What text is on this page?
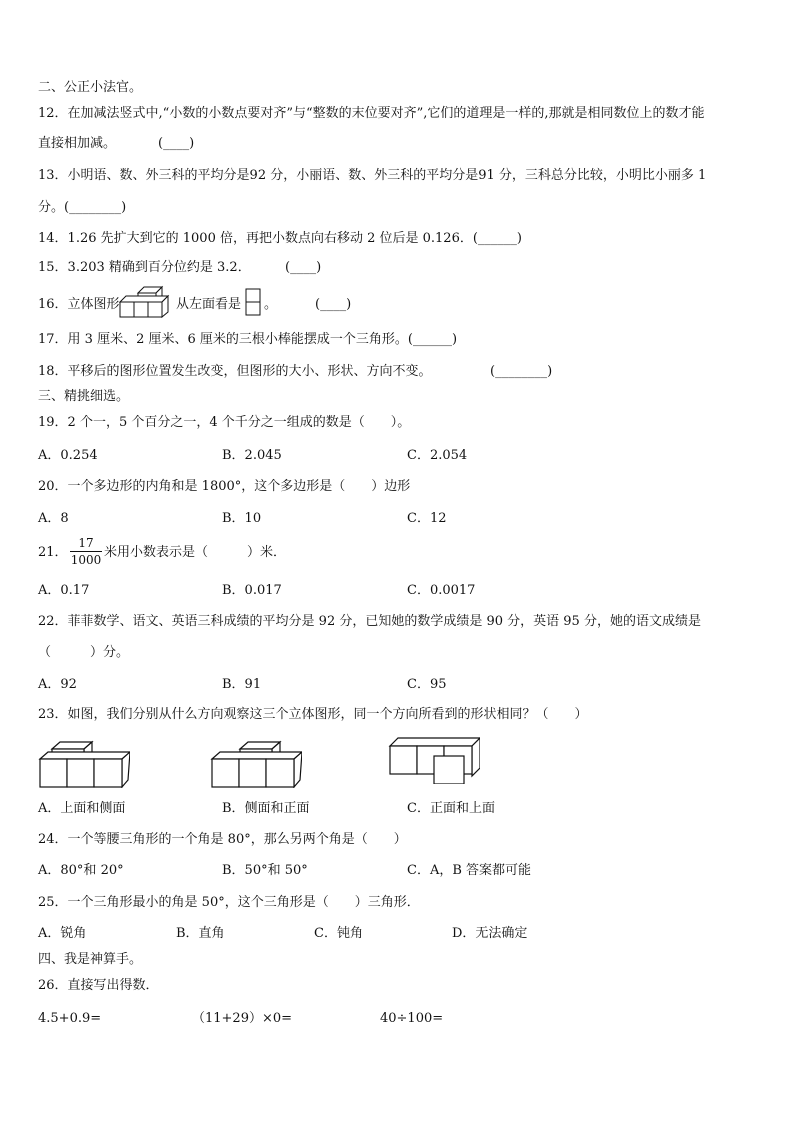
二、公正小法官。
12．在加减法竖式中,“小数的小数点要对齐”与“整数的末位要对齐”,它们的道理是一样的,那就是相同数位上的数才能
直接相加减。	(____)
13．小明语、数、外三科的平均分是92 分，小丽语、数、外三科的平均分是91 分，三科总分比较，小明比小丽多 1
分。(________)
14．1.26 先扩大到它的 1000 倍，再把小数点向右移动 2 位后是 0.126．(______)
15．3.203 精确到百分位约是 3.2．	(____)
16．立体图形	从左面看是 。	(____)
17．用 3 厘米、2 厘米、6 厘米的三根小棒能摆成一个三角形。(______)
18．平移后的图形位置发生改变，但图形的大小、形状、方向不变。	(________)
三、精挑细选。
19．2 个一，5 个百分之一，4 个千分之一组成的数是（　　）。
A．0.254	B．2.045	C．2.054
20．一个多边形的内角和是 1800°，这个多边形是（　　）边形
A．8	B．10	C．12
21． $\frac{17}{1000}$ 米用小数表示是（　　　）米．
A．0.17	B．0.017	C．0.0017
22．菲菲数学、语文、英语三科成绩的平均分是 92 分，已知她的数学成绩是 90 分，英语 95 分，她的语文成绩是
（　　　）分。
A．92	B．91	C．95
23．如图，我们分别从什么方向观察这三个立体图形，同一个方向所看到的形状相同？（　　）
A．上面和侧面	B．侧面和正面	C．正面和上面
24．一个等腰三角形的一个角是 80°，那么另两个角是（　　）
A．80°和 20°	B．50°和 50°	C．A，B 答案都可能
25．一个三角形最小的角是 50°，这个三角形是（　　）三角形．
A．锐角	B．直角	C．钝角	D．无法确定
四、我是神算手。
26．直接写出得数．
4.5+0.9=	（11+29）×0=	40÷100=
